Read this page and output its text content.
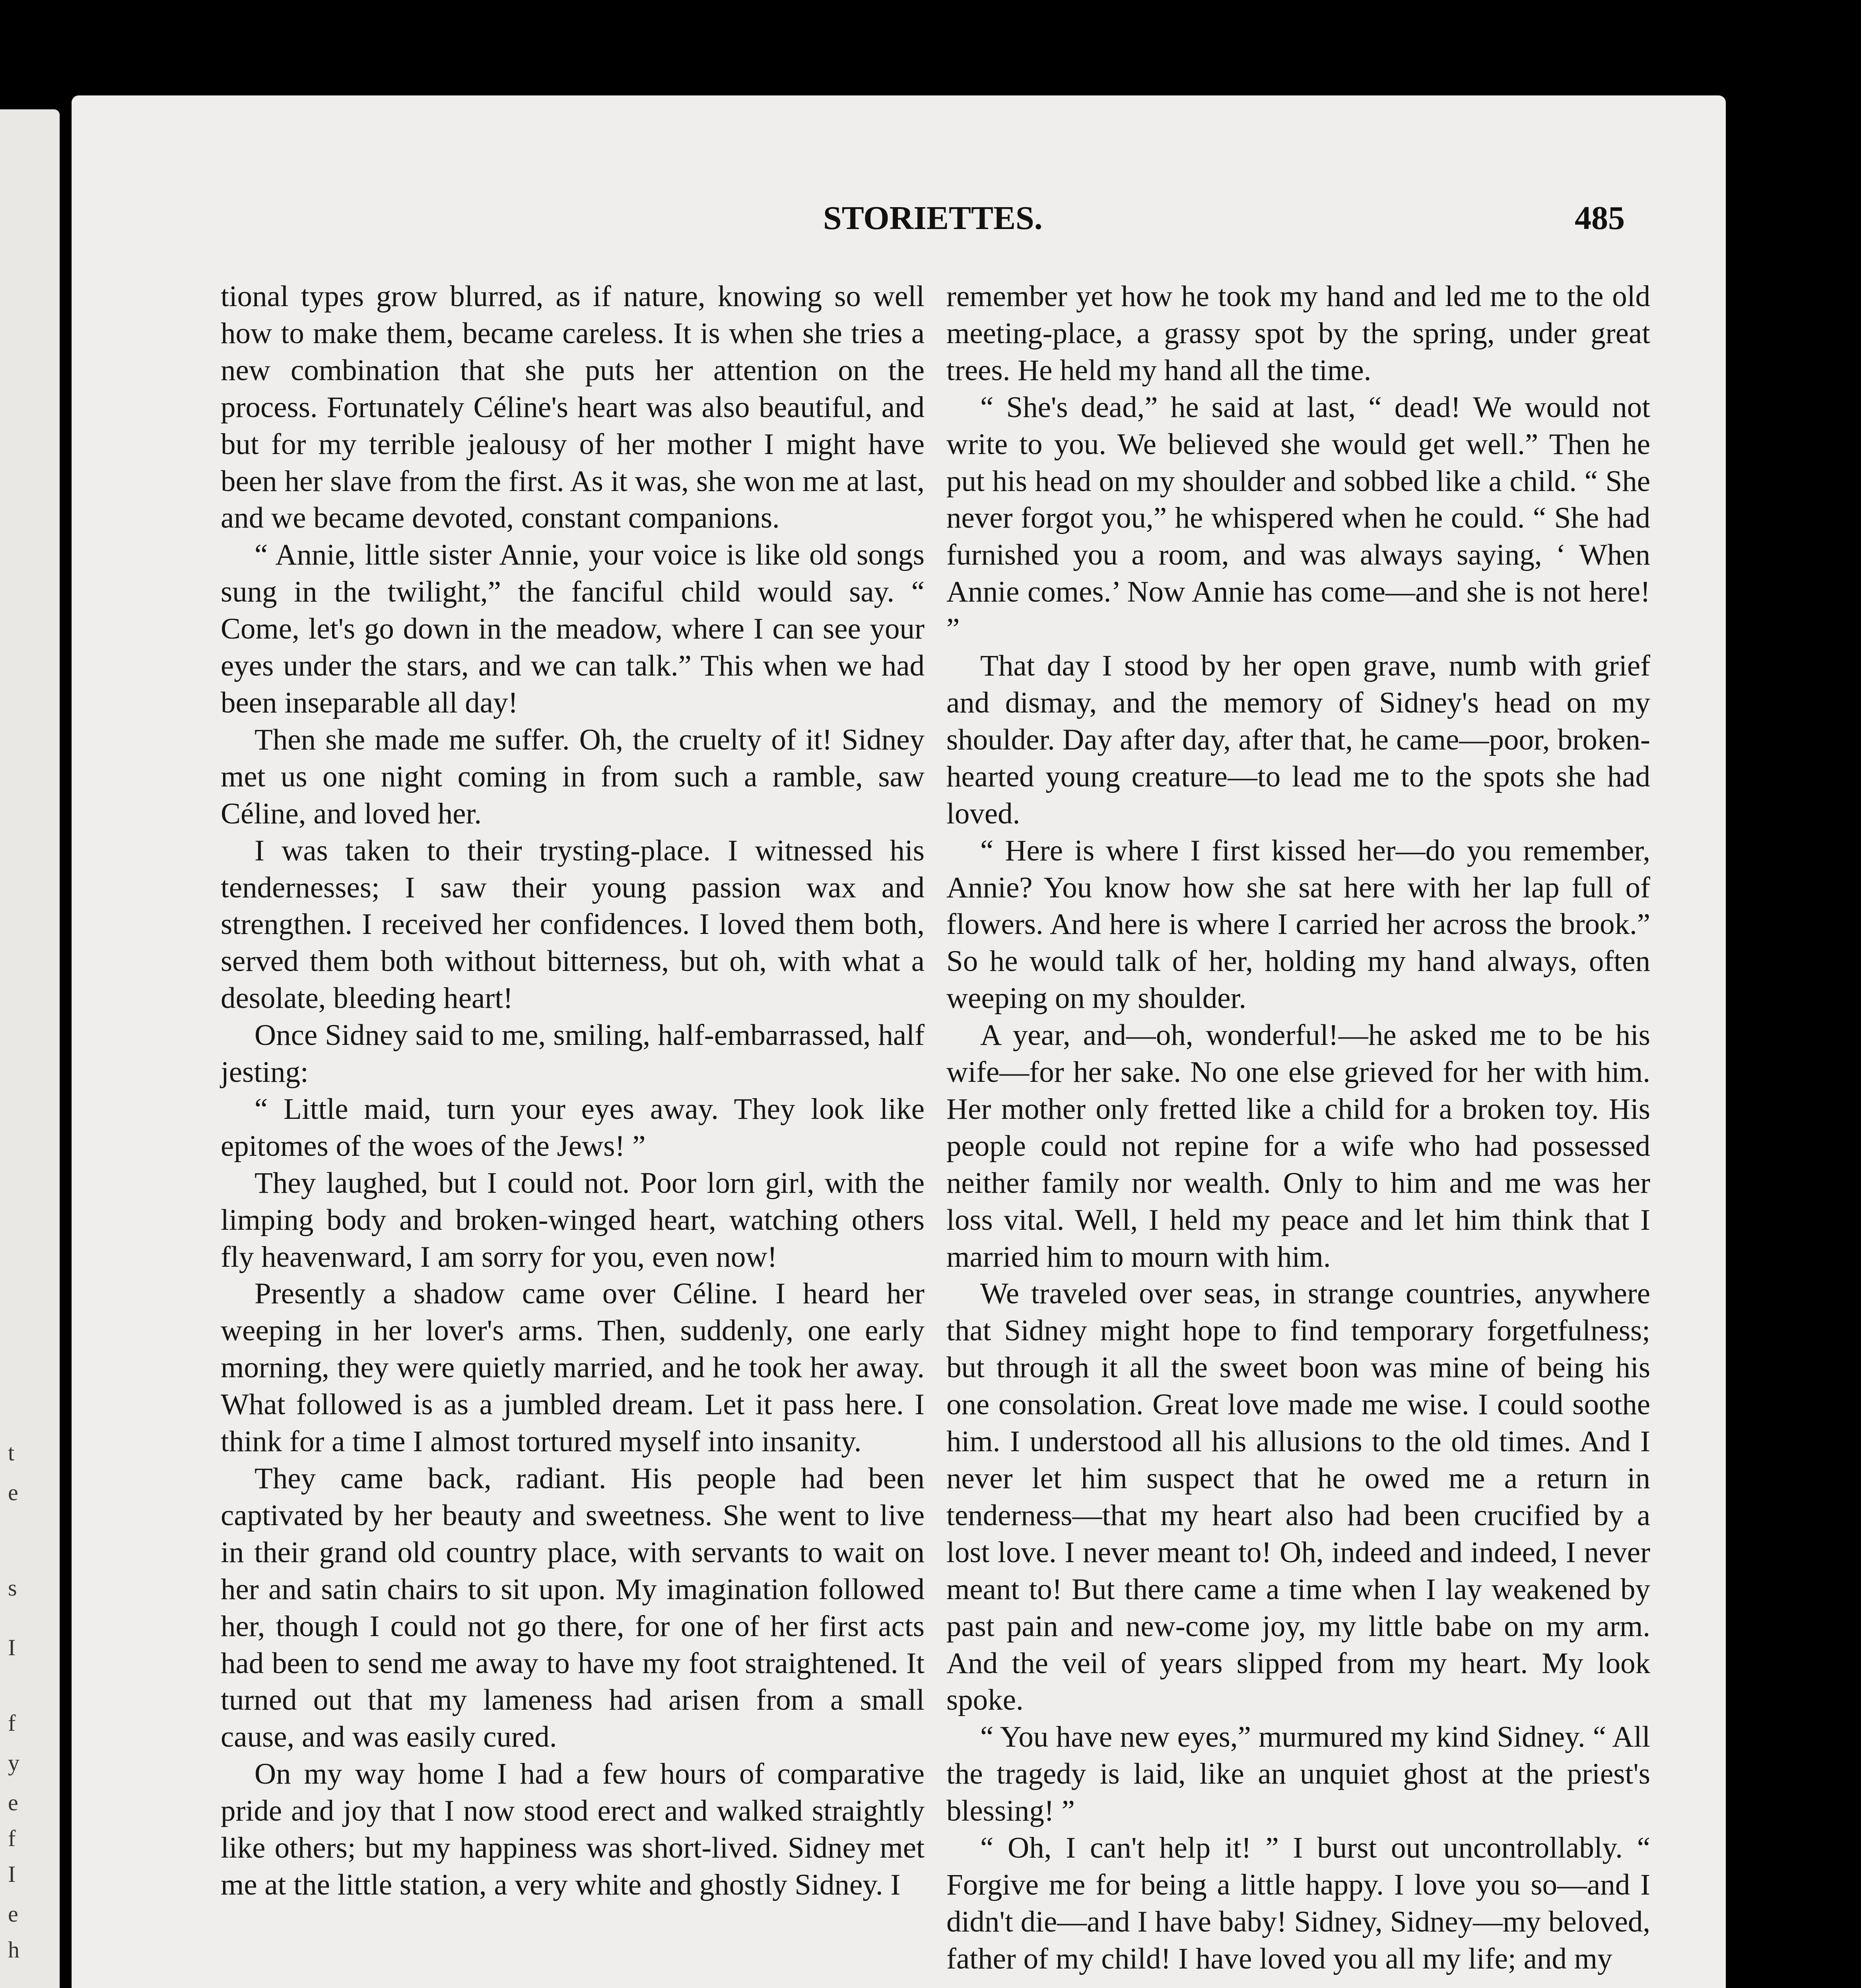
t
e
s
I
f
y
e
f
I
e
h
STORIETTES.	485

tional types grow blurred, as if nature, knowing so well how to make them, became careless. It is when she tries a new combination that she puts her attention on the process. Fortunately Céline's heart was also beautiful, and but for my terrible jealousy of her mother I might have been her slave from the first. As it was, she won me at last, and we became devoted, constant companions.

“ Annie, little sister Annie, your voice is like old songs sung in the twilight,” the fanciful child would say. “ Come, let's go down in the meadow, where I can see your eyes under the stars, and we can talk.” This when we had been inseparable all day!

Then she made me suffer. Oh, the cruelty of it! Sidney met us one night coming in from such a ramble, saw Céline, and loved her.

I was taken to their trysting-place. I witnessed his tendernesses; I saw their young passion wax and strengthen. I received her confidences. I loved them both, served them both without bitterness, but oh, with what a desolate, bleeding heart!

Once Sidney said to me, smiling, half-embarrassed, half jesting:

“ Little maid, turn your eyes away. They look like epitomes of the woes of the Jews! ”

They laughed, but I could not. Poor lorn girl, with the limping body and broken-winged heart, watching others fly heavenward, I am sorry for you, even now!

Presently a shadow came over Céline. I heard her weeping in her lover's arms. Then, suddenly, one early morning, they were quietly married, and he took her away. What followed is as a jumbled dream. Let it pass here. I think for a time I almost tortured myself into insanity.

They came back, radiant. His people had been captivated by her beauty and sweetness. She went to live in their grand old country place, with servants to wait on her and satin chairs to sit upon. My imagination followed her, though I could not go there, for one of her first acts had been to send me away to have my foot straightened. It turned out that my lameness had arisen from a small cause, and was easily cured.

On my way home I had a few hours of comparative pride and joy that I now stood erect and walked straightly like others; but my happiness was short-lived. Sidney met me at the little station, a very white and ghostly Sidney. I

remember yet how he took my hand and led me to the old meeting-place, a grassy spot by the spring, under great trees. He held my hand all the time.

“ She's dead,” he said at last, “ dead! We would not write to you. We believed she would get well.” Then he put his head on my shoulder and sobbed like a child. “ She never forgot you,” he whispered when he could. “ She had furnished you a room, and was always saying, ‘ When Annie comes.’ Now Annie has come—and she is not here! ”

That day I stood by her open grave, numb with grief and dismay, and the memory of Sidney's head on my shoulder. Day after day, after that, he came—poor, broken-hearted young creature—to lead me to the spots she had loved.

“ Here is where I first kissed her—do you remember, Annie? You know how she sat here with her lap full of flowers. And here is where I carried her across the brook.” So he would talk of her, holding my hand always, often weeping on my shoulder.

A year, and—oh, wonderful!—he asked me to be his wife—for her sake. No one else grieved for her with him. Her mother only fretted like a child for a broken toy. His people could not repine for a wife who had possessed neither family nor wealth. Only to him and me was her loss vital. Well, I held my peace and let him think that I married him to mourn with him.

We traveled over seas, in strange countries, anywhere that Sidney might hope to find temporary forgetfulness; but through it all the sweet boon was mine of being his one consolation. Great love made me wise. I could soothe him. I understood all his allusions to the old times. And I never let him suspect that he owed me a return in tenderness—that my heart also had been crucified by a lost love. I never meant to! Oh, indeed and indeed, I never meant to! But there came a time when I lay weakened by past pain and new-come joy, my little babe on my arm. And the veil of years slipped from my heart. My look spoke.

“ You have new eyes,” murmured my kind Sidney. “ All the tragedy is laid, like an unquiet ghost at the priest's blessing! ”

“ Oh, I can't help it! ” I burst out uncontrollably. “ Forgive me for being a little happy. I love you so—and I didn't die—and I have baby! Sidney, Sidney—my beloved, father of my child! I have loved you all my life; and my
